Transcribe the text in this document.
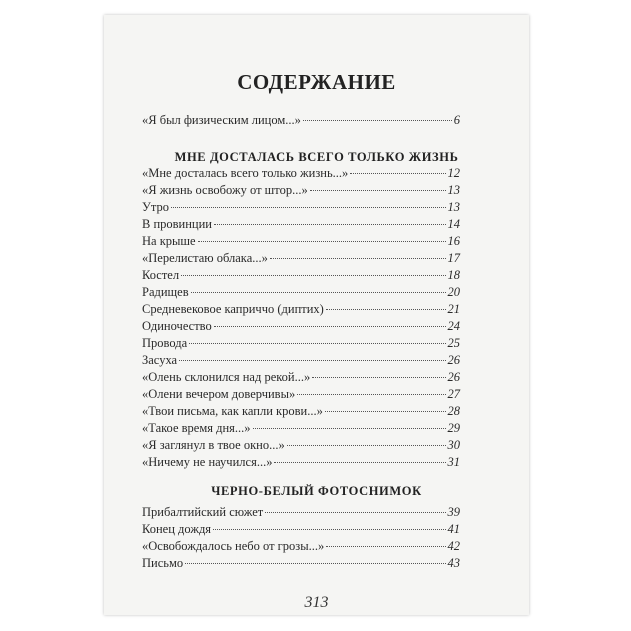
СОДЕРЖАНИЕ
«Я был физическим лицом...»	6
МНЕ ДОСТАЛАСЬ ВСЕГО ТОЛЬКО ЖИЗНЬ
«Мне досталась всего только жизнь...»	12
«Я жизнь освобожу от штор...»	13
Утро	13
В провинции	14
На крыше	16
«Перелистаю облака...»	17
Костел	18
Радищев	20
Средневековое каприччо (диптих)	21
Одиночество	24
Провода	25
Засуха	26
«Олень склонился над рекой...»	26
«Олени вечером доверчивы»	27
«Твои письма, как капли крови...»	28
«Такое время дня...»	29
«Я заглянул в твое окно...»	30
«Ничему не научился...»	31
ЧЕРНО-БЕЛЫЙ ФОТОСНИМОК
Прибалтийский сюжет	39
Конец дождя	41
«Освобождалось небо от грозы...»	42
Письмо	43
313
